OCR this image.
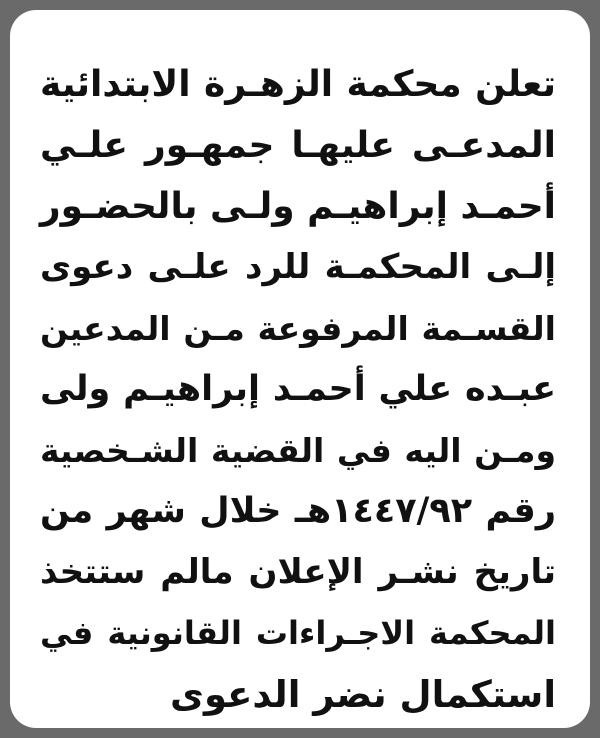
تعلن محكمة الزهـرة الابتدائية
المدعـى عليهـا جمهـور علـي
أحمـد إبراهيـم ولـى بالحضـور
إلـى المحكمـة للرد علـى دعوى
القسـمة المرفوعة مـن المدعين
عبـده علي أحمـد إبراهيـم ولى
ومـن اليه في القضية الشـخصية
رقم ١٤٤٧/٩٢هـ خلال شهر من
تاريخ نشـر الإعلان مالم ستتخذ
المحكمة الاجـراءات القانونية في
استكمال نضر الدعوى
